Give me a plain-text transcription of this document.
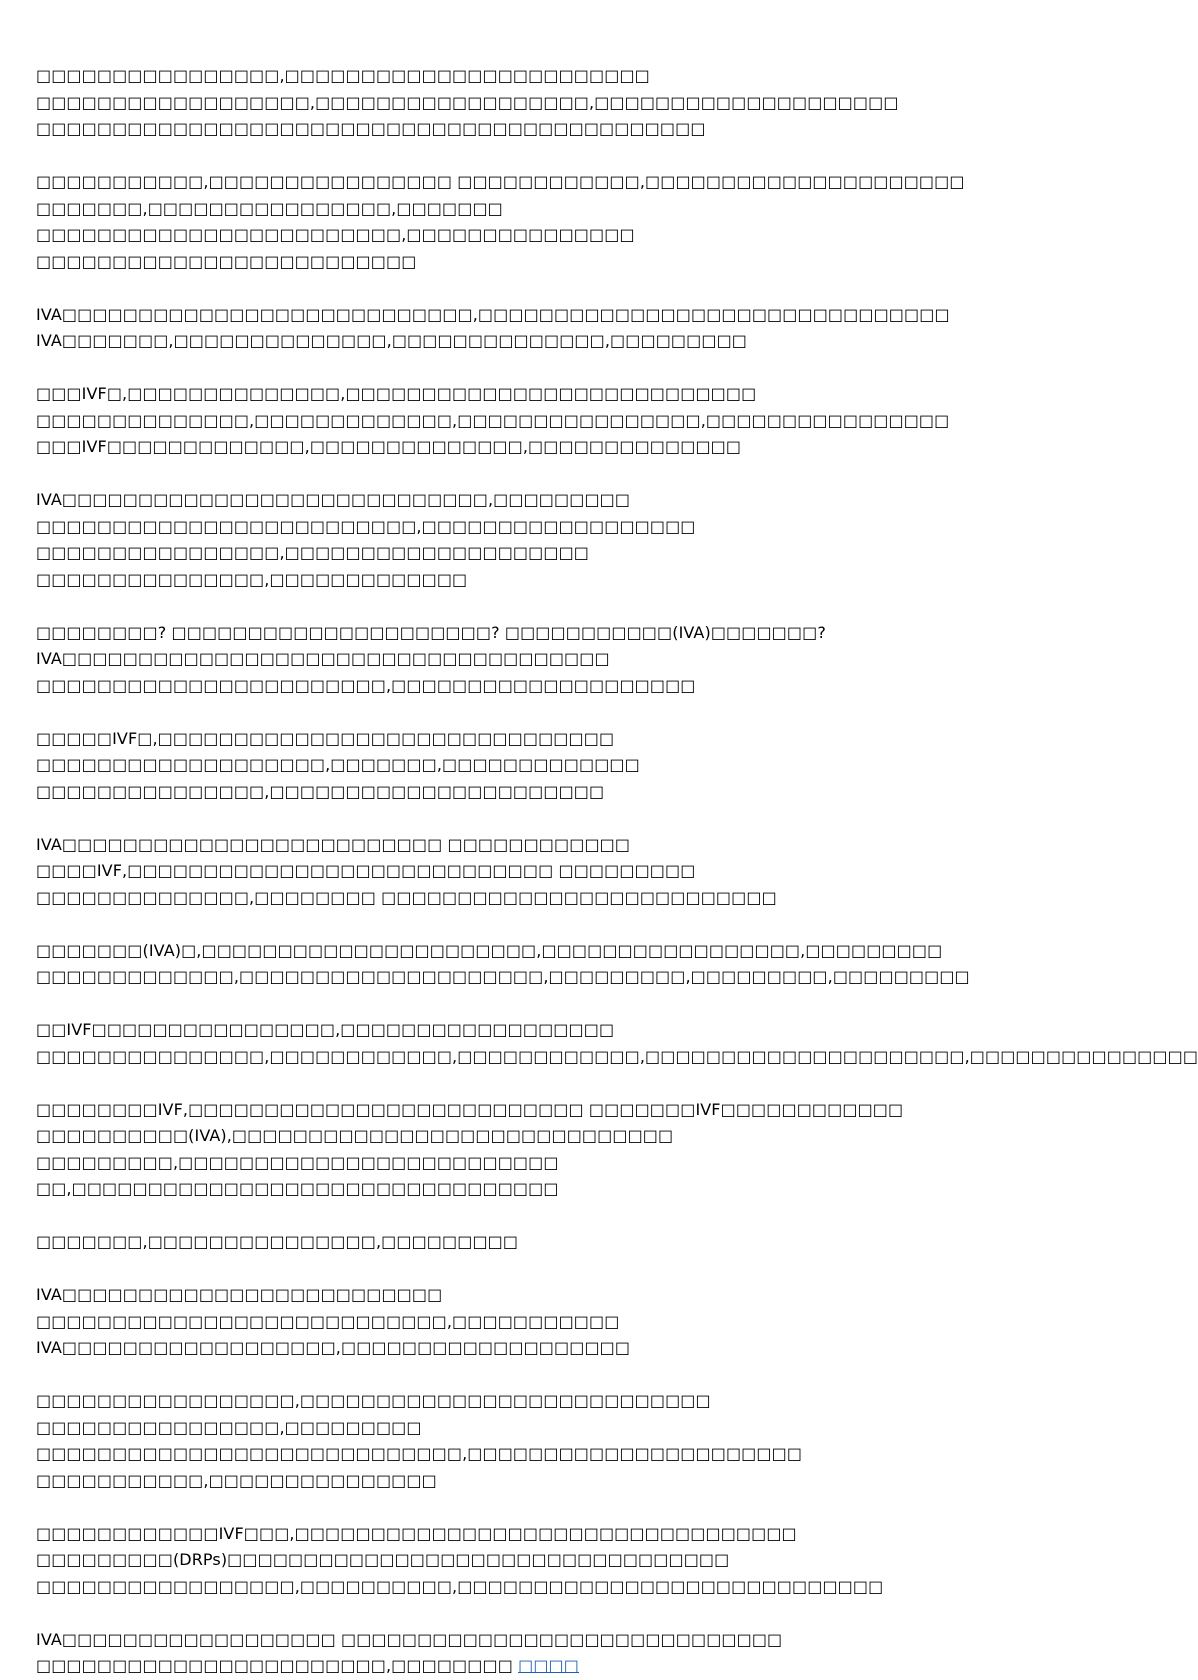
□□□□□□□□□□□□□□□□,□□□□□□□□□□□□□□□□□□□□□□□□
□□□□□□□□□□□□□□□□□□,□□□□□□□□□□□□□□□□□□,□□□□□□□□□□□□□□□□□□□□
□□□□□□□□□□□□□□□□□□□□□□□□□□□□□□□□□□□□□□□□□□□□

□□□□□□□□□□□,□□□□□□□□□□□□□□□□ □□□□□□□□□□□□,□□□□□□□□□□□□□□□□□□□□□
□□□□□□□,□□□□□□□□□□□□□□□□,□□□□□□□ □□□□□□□□□□□□□□□□□□□□□□□□,□□□□□□□□□□□□□□□
□□□□□□□□□□□□□□□□□□□□□□□□□

IVA□□□□□□□□□□□□□□□□□□□□□□□□□□□,□□□□□□□□□□□□□□□□□□□□□□□□□□□□□□□
IVA□□□□□□□,□□□□□□□□□□□□□□,□□□□□□□□□□□□□□,□□□□□□□□□

□□□IVF□,□□□□□□□□□□□□□□,□□□□□□□□□□□□□□□□□□□□□□□□□□□
□□□□□□□□□□□□□□,□□□□□□□□□□□□□,□□□□□□□□□□□□□□□□,□□□□□□□□□□□□□□□□
□□□IVF□□□□□□□□□□□□□,□□□□□□□□□□□□□□,□□□□□□□□□□□□□□

IVA□□□□□□□□□□□□□□□□□□□□□□□□□□□□,□□□□□□□□□ □□□□□□□□□□□□□□□□□□□□□□□□□,□□□□□□□□□□□□□□□□□□
□□□□□□□□□□□□□□□□,□□□□□□□□□□□□□□□□□□□□ □□□□□□□□□□□□□□□,□□□□□□□□□□□□□

□□□□□□□□? □□□□□□□□□□□□□□□□□□□□□? □□□□□□□□□□□(IVA)□□□□□□□?
IVA□□□□□□□□□□□□□□□□□□□□□□□□□□□□□□□□□□□□ □□□□□□□□□□□□□□□□□□□□□□□,□□□□□□□□□□□□□□□□□□□□

□□□□□IVF□,□□□□□□□□□□□□□□□□□□□□□□□□□□□□□□ □□□□□□□□□□□□□□□□□□□,□□□□□□□,□□□□□□□□□□□□□
□□□□□□□□□□□□□□□,□□□□□□□□□□□□□□□□□□□□□□

IVA□□□□□□□□□□□□□□□□□□□□□□□□□ □□□□□□□□□□□□ □□□□IVF,□□□□□□□□□□□□□□□□□□□□□□□□□□□□ □□□□□□□□□
□□□□□□□□□□□□□□,□□□□□□□□ □□□□□□□□□□□□□□□□□□□□□□□□□□

□□□□□□□(IVA)□,□□□□□□□□□□□□□□□□□□□□□□,□□□□□□□□□□□□□□□□□,□□□□□□□□□
□□□□□□□□□□□□□,□□□□□□□□□□□□□□□□□□□□,□□□□□□□□□,□□□□□□□□□,□□□□□□□□□

□□IVF□□□□□□□□□□□□□□□□,□□□□□□□□□□□□□□□□□□
□□□□□□□□□□□□□□□,□□□□□□□□□□□□,□□□□□□□□□□□□,□□□□□□□□□□□□□□□□□□□□□,□□□□□□□□□□□□□□□

□□□□□□□□IVF,□□□□□□□□□□□□□□□□□□□□□□□□□□ □□□□□□□IVF□□□□□□□□□□□□
□□□□□□□□□□(IVA),□□□□□□□□□□□□□□□□□□□□□□□□□□□□□ □□□□□□□□□,□□□□□□□□□□□□□□□□□□□□□□□□□
□□,□□□□□□□□□□□□□□□□□□□□□□□□□□□□□□□□

□□□□□□□,□□□□□□□□□□□□□□□,□□□□□□□□□

IVA□□□□□□□□□□□□□□□□□□□□□□□□□ □□□□□□□□□□□□□□□□□□□□□□□□□□□,□□□□□□□□□□□
IVA□□□□□□□□□□□□□□□□□□,□□□□□□□□□□□□□□□□□□□

□□□□□□□□□□□□□□□□□,□□□□□□□□□□□□□□□□□□□□□□□□□□□ □□□□□□□□□□□□□□□□,□□□□□□□□□
□□□□□□□□□□□□□□□□□□□□□□□□□□□□,□□□□□□□□□□□□□□□□□□□□□□ □□□□□□□□□□□,□□□□□□□□□□□□□□□

□□□□□□□□□□□□IVF□□□,□□□□□□□□□□□□□□□□□□□□□□□□□□□□□□□□□
□□□□□□□□□(DRPs)□□□□□□□□□□□□□□□□□□□□□□□□□□□□□□□□□
□□□□□□□□□□□□□□□□□,□□□□□□□□□□,□□□□□□□□□□□□□□□□□□□□□□□□□□□□

IVA□□□□□□□□□□□□□□□□□□ □□□□□□□□□□□□□□□□□□□□□□□□□□□□□ □□□□□□□□□□□□□□□□□□□□□□□,□□□□□□□□ □□□□
